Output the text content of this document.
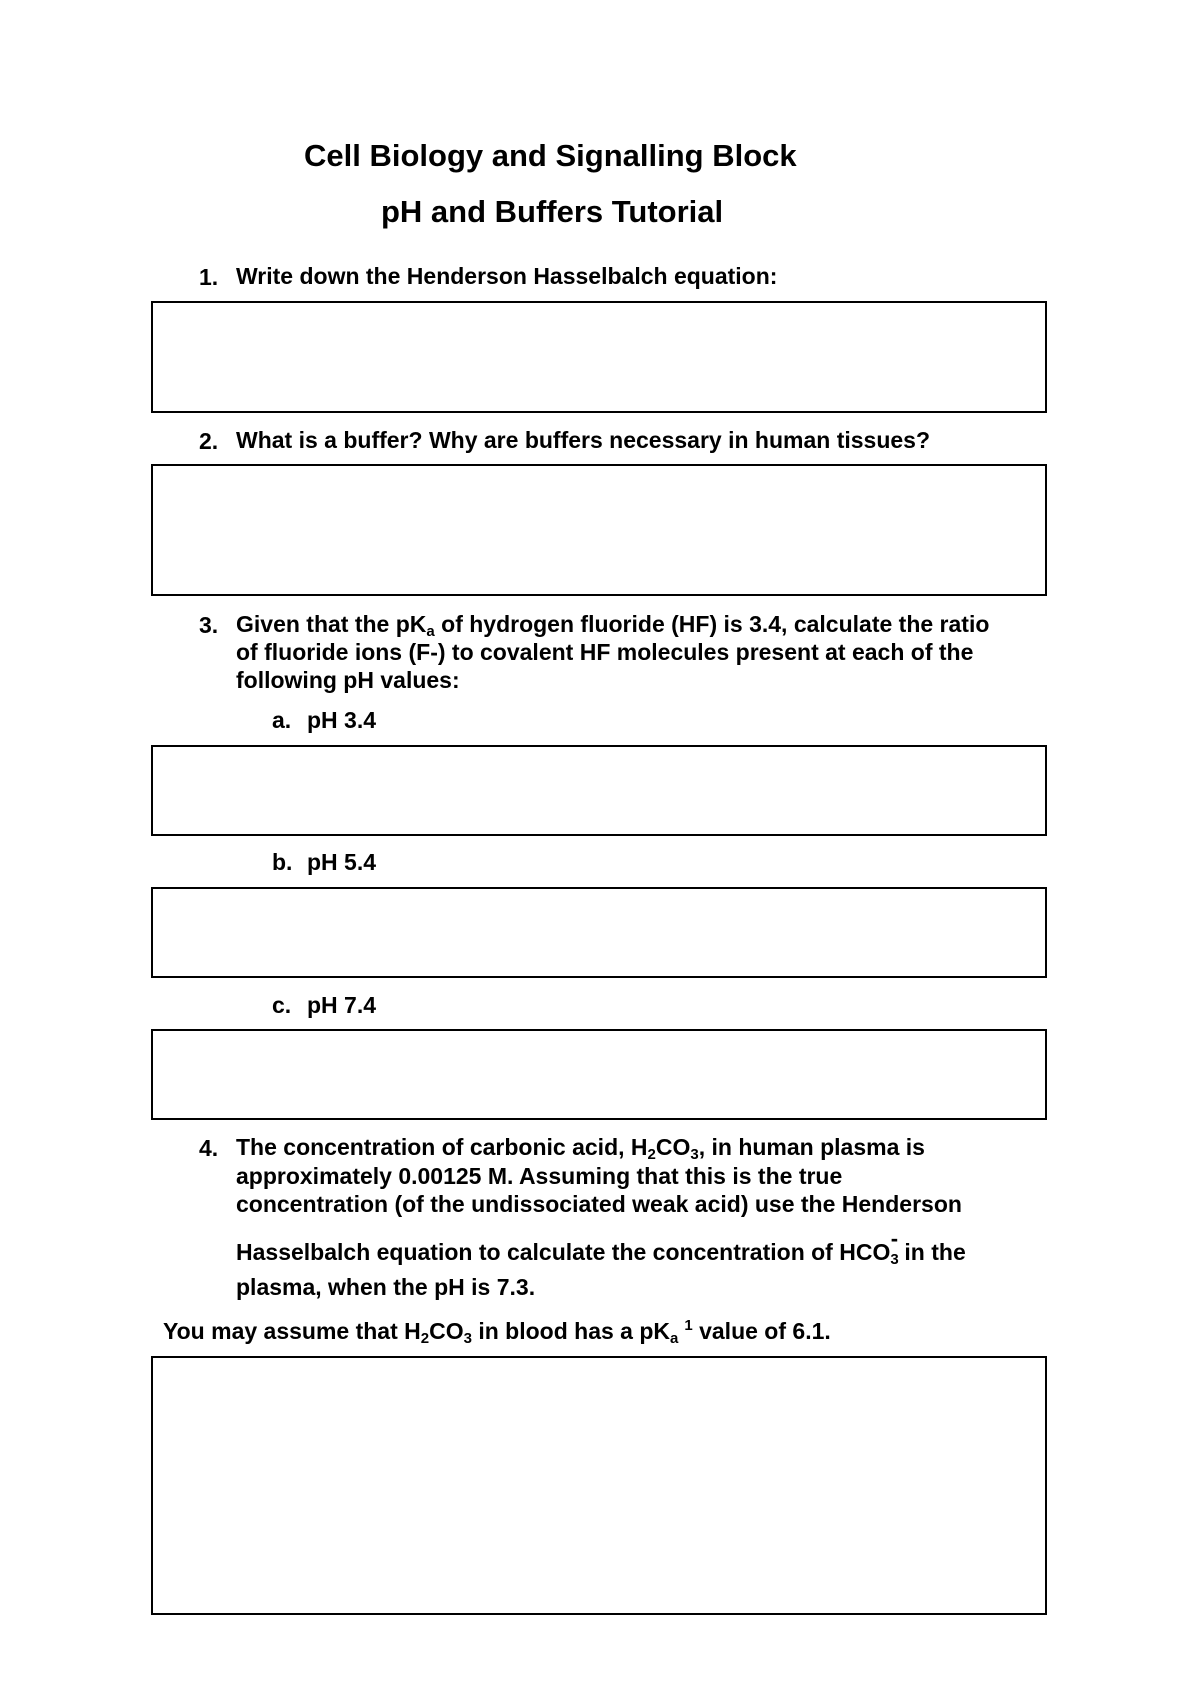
Cell Biology and Signalling Block
pH and Buffers Tutorial
1. Write down the Henderson Hasselbalch equation:
2. What is a buffer? Why are buffers necessary in human tissues?
3. Given that the $pK_a$ of hydrogen fluoride (HF) is 3.4, calculate the ratio
of fluoride ions (F-) to covalent HF molecules present at each of the
following pH values:
a. pH 3.4
b. pH 5.4
c. pH 7.4
4. The concentration of carbonic acid, $H_2CO_3$, in human plasma is
approximately 0.00125 M. Assuming that this is the true
concentration (of the undissociated weak acid) use the Henderson
Hasselbalch equation to calculate the concentration of $HCO_3^-$ in the
plasma, when the pH is 7.3.
You may assume that $H_2CO_3$ in blood has a $pK_a^1$ value of 6.1.
